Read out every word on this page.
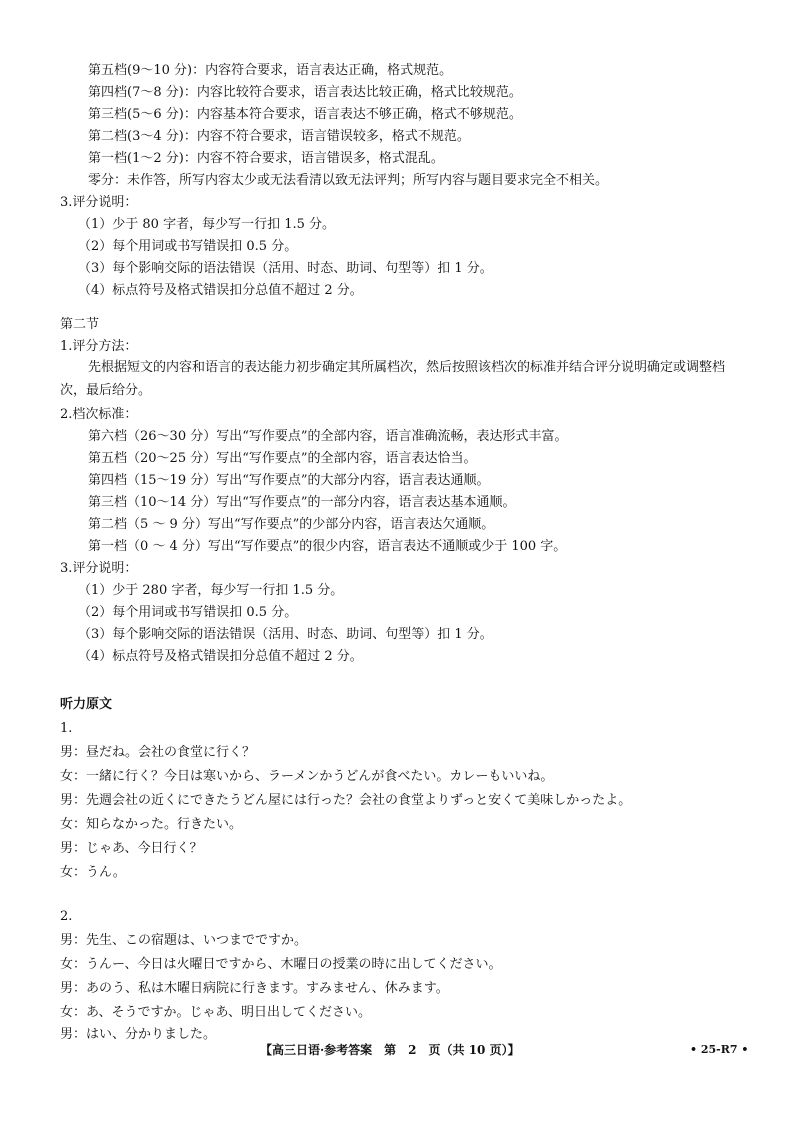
第五档(9～10 分)：内容符合要求，语言表达正确，格式规范。
第四档(7～8 分)：内容比较符合要求，语言表达比较正确，格式比较规范。
第三档(5～6 分)：内容基本符合要求，语言表达不够正确，格式不够规范。
第二档(3～4 分)：内容不符合要求，语言错误较多，格式不规范。
第一档(1～2 分)：内容不符合要求，语言错误多，格式混乱。
零分：未作答，所写内容太少或无法看清以致无法评判；所写内容与题目要求完全不相关。
3.评分说明：
（1）少于 80 字者，每少写一行扣 1.5 分。
（2）每个用词或书写错误扣 0.5 分。
（3）每个影响交际的语法错误（活用、时态、助词、句型等）扣 1 分。
（4）标点符号及格式错误扣分总值不超过 2 分。
第二节
1.评分方法：
先根据短文的内容和语言的表达能力初步确定其所属档次，然后按照该档次的标准并结合评分说明确定或调整档次，最后给分。
2.档次标准：
第六档（26～30 分）写出“写作要点”的全部内容，语言准确流畅，表达形式丰富。
第五档（20～25 分）写出“写作要点”的全部内容，语言表达恰当。
第四档（15～19 分）写出“写作要点”的大部分内容，语言表达通顺。
第三档（10～14 分）写出“写作要点”的一部分内容，语言表达基本通顺。
第二档（5 ～ 9 分）写出“写作要点”的少部分内容，语言表达欠通顺。
第一档（0 ～ 4 分）写出“写作要点”的很少内容，语言表达不通顺或少于 100 字。
3.评分说明：
（1）少于 280 字者，每少写一行扣 1.5 分。
（2）每个用词或书写错误扣 0.5 分。
（3）每个影响交际的语法错误（活用、时态、助词、句型等）扣 1 分。
（4）标点符号及格式错误扣分总值不超过 2 分。
听力原文
1.
男：昼だね。会社の食堂に行く？
女：一緒に行く？今日は寒いから、ラーメンかうどんが食べたい。カレーもいいね。
男：先週会社の近くにできたうどん屋には行った？会社の食堂よりずっと安くて美味しかったよ。
女：知らなかった。行きたい。
男：じゃあ、今日行く？
女：うん。
2.
男：先生、この宿題は、いつまでですか。
女：うんー、今日は火曜日ですから、木曜日の授業の時に出してください。
男：あのう、私は木曜日病院に行きます。すみません、休みます。
女：あ、そうですか。じゃあ、明日出してください。
男：はい、分かりました。
【高三日语·参考答案　第　2　页（共 10 页）】	• 25-R7 •
